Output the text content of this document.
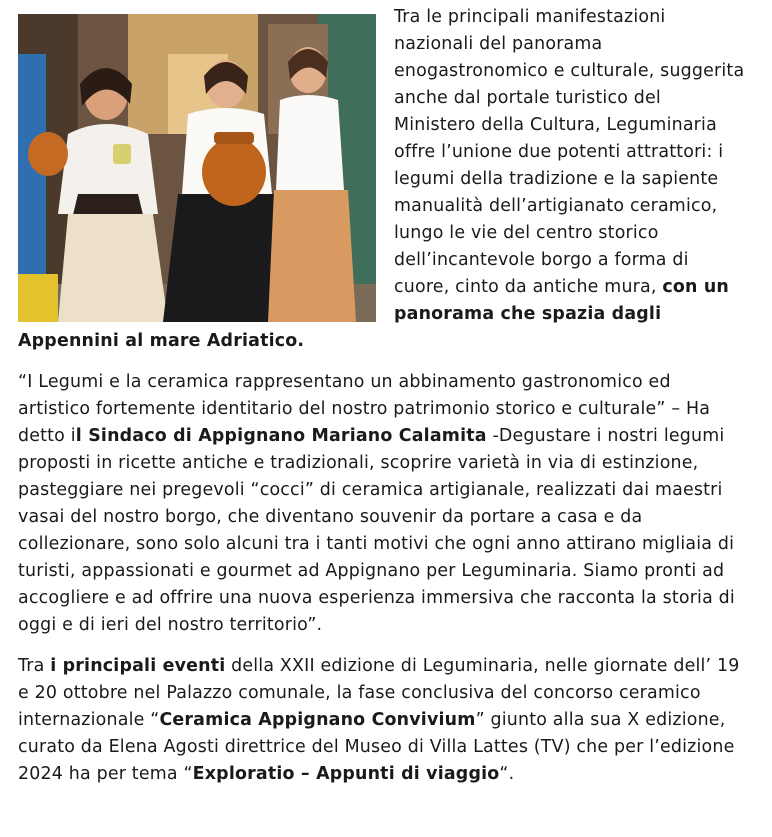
Tra le principali manifestazioni nazionali del panorama enogastronomico e culturale, suggerita anche dal portale turistico del Ministero della Cultura, Leguminaria offre l’unione due potenti attrattori: i legumi della tradizione e la sapiente manualità dell’artigianato ceramico, lungo le vie del centro storico dell’incantevole borgo a forma di cuore, cinto da antiche mura, con un panorama che spazia dagli Appennini al mare Adriatico.

“I Legumi e la ceramica rappresentano un abbinamento gastronomico ed artistico fortemente identitario del nostro patrimonio storico e culturale” – Ha detto il Sindaco di Appignano Mariano Calamita -Degustare i nostri legumi proposti in ricette antiche e tradizionali, scoprire varietà in via di estinzione, pasteggiare nei pregevoli “cocci” di ceramica artigianale, realizzati dai maestri vasai del nostro borgo, che diventano souvenir da portare a casa e da collezionare, sono solo alcuni tra i tanti motivi che ogni anno attirano migliaia di turisti, appassionati e gourmet ad Appignano per Leguminaria. Siamo pronti ad accogliere e ad offrire una nuova esperienza immersiva che racconta la storia di oggi e di ieri del nostro territorio”.

Tra i principali eventi della XXII edizione di Leguminaria, nelle giornate dell’ 19 e 20 ottobre nel Palazzo comunale, la fase conclusiva del concorso ceramico internazionale “Ceramica Appignano Convivium” giunto alla sua X edizione, curato da Elena Agosti direttrice del Museo di Villa Lattes (TV) che per l’edizione 2024 ha per tema “Exploratio – Appunti di viaggio“.
